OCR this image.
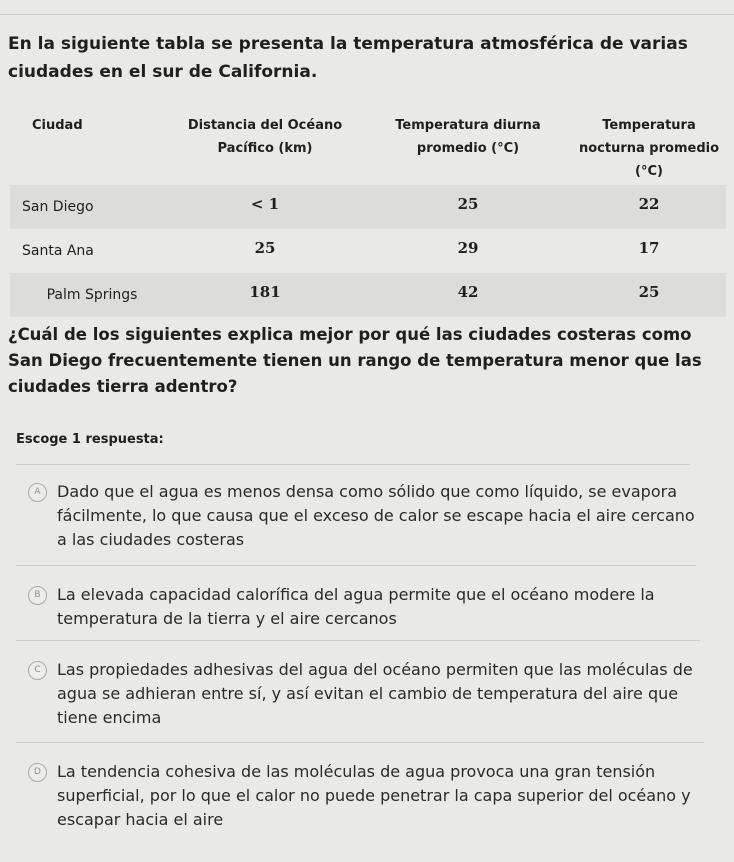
En la siguiente tabla se presenta la temperatura atmosférica de varias ciudades en el sur de California.
Ciudad	Distancia del Océano Pacífico (km)	Temperatura diurna promedio (°C)	Temperatura nocturna promedio (°C)
San Diego	< 1	25	22
Santa Ana	25	29	17
Palm Springs	181	42	25
¿Cuál de los siguientes explica mejor por qué las ciudades costeras como San Diego frecuentemente tienen un rango de temperatura menor que las ciudades tierra adentro?
Escoge 1 respuesta:
A	Dado que el agua es menos densa como sólido que como líquido, se evapora fácilmente, lo que causa que el exceso de calor se escape hacia el aire cercano a las ciudades costeras
B	La elevada capacidad calorífica del agua permite que el océano modere la temperatura de la tierra y el aire cercanos
C	Las propiedades adhesivas del agua del océano permiten que las moléculas de agua se adhieran entre sí, y así evitan el cambio de temperatura del aire que tiene encima
D	La tendencia cohesiva de las moléculas de agua provoca una gran tensión superficial, por lo que el calor no puede penetrar la capa superior del océano y escapar hacia el aire
